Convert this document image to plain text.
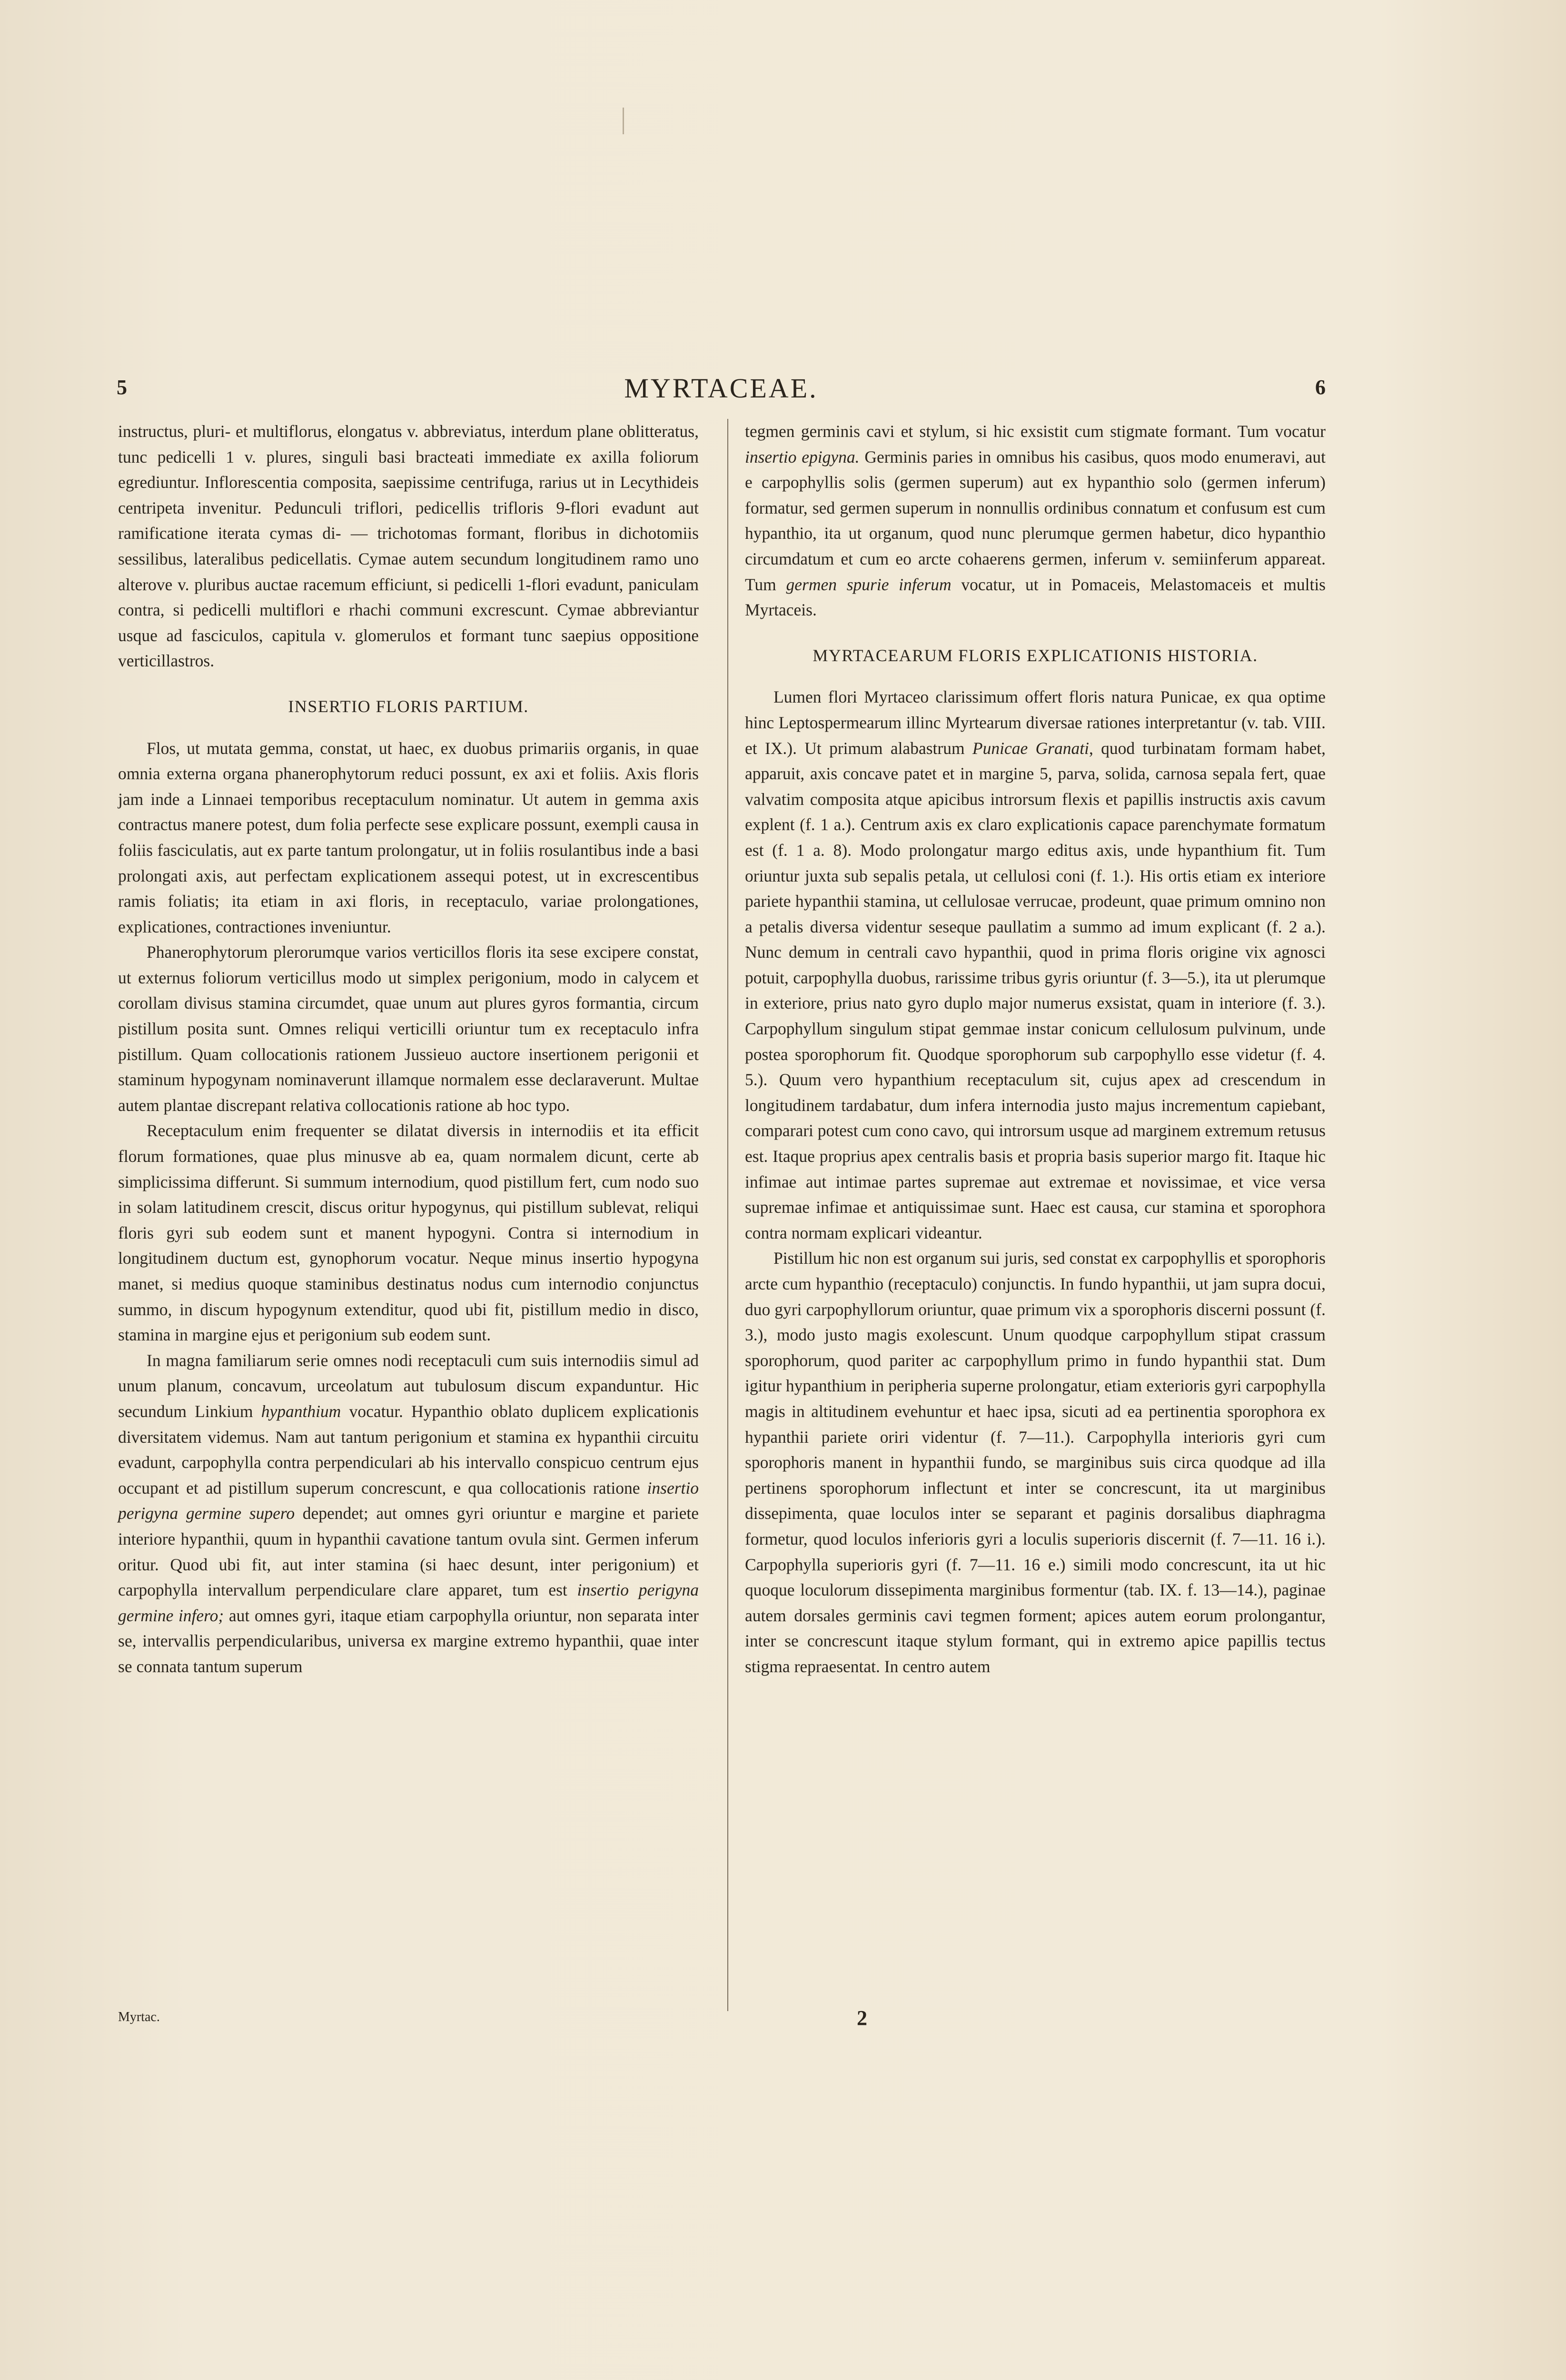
5	MYRTACEAE.	6

instructus, pluri- et multiflorus, elongatus v. abbreviatus, interdum plane oblitteratus, tunc pedicelli 1 v. plures, singuli basi bracteati immediate ex axilla foliorum egrediuntur. Inflorescentia composita, saepissime centrifuga, rarius ut in Lecythideis centripeta invenitur. Pedunculi triflori, pedicellis trifloris 9-flori evadunt aut ramificatione iterata cymas di- — trichotomas formant, floribus in dichotomiis sessilibus, lateralibus pedicellatis. Cymae autem secundum longitudinem ramo uno alterove v. pluribus auctae racemum efficiunt, si pedicelli 1-flori evadunt, paniculam contra, si pedicelli multiflori e rhachi communi excrescunt. Cymae abbreviantur usque ad fasciculos, capitula v. glomerulos et formant tunc saepius oppositione verticillastros.

INSERTIO FLORIS PARTIUM.

Flos, ut mutata gemma, constat, ut haec, ex duobus primariis organis, in quae omnia externa organa phanerophytorum reduci possunt, ex axi et foliis. Axis floris jam inde a Linnaei temporibus receptaculum nominatur. Ut autem in gemma axis contractus manere potest, dum folia perfecte sese explicare possunt, exempli causa in foliis fasciculatis, aut ex parte tantum prolongatur, ut in foliis rosulantibus inde a basi prolongati axis, aut perfectam explicationem assequi potest, ut in excrescentibus ramis foliatis; ita etiam in axi floris, in receptaculo, variae prolongationes, explicationes, contractiones inveniuntur.

Phanerophytorum plerorumque varios verticillos floris ita sese excipere constat, ut externus foliorum verticillus modo ut simplex perigonium, modo in calycem et corollam divisus stamina circumdet, quae unum aut plures gyros formantia, circum pistillum posita sunt. Omnes reliqui verticilli oriuntur tum ex receptaculo infra pistillum. Quam collocationis rationem Jussieuo auctore insertionem perigonii et staminum hypogynam nominaverunt illamque normalem esse declaraverunt. Multae autem plantae discrepant relativa collocationis ratione ab hoc typo.

Receptaculum enim frequenter se dilatat diversis in internodiis et ita efficit florum formationes, quae plus minusve ab ea, quam normalem dicunt, certe ab simplicissima differunt. Si summum internodium, quod pistillum fert, cum nodo suo in solam latitudinem crescit, discus oritur hypogynus, qui pistillum sublevat, reliqui floris gyri sub eodem sunt et manent hypogyni. Contra si internodium in longitudinem ductum est, gynophorum vocatur. Neque minus insertio hypogyna manet, si medius quoque staminibus destinatus nodus cum internodio conjunctus summo, in discum hypogynum extenditur, quod ubi fit, pistillum medio in disco, stamina in margine ejus et perigonium sub eodem sunt.

In magna familiarum serie omnes nodi receptaculi cum suis internodiis simul ad unum planum, concavum, urceolatum aut tubulosum discum expanduntur. Hic secundum Linkium hypanthium vocatur. Hypanthio oblato duplicem explicationis diversitatem videmus. Nam aut tantum perigonium et stamina ex hypanthii circuitu evadunt, carpophylla contra perpendiculari ab his intervallo conspicuo centrum ejus occupant et ad pistillum superum concrescunt, e qua collocationis ratione insertio perigyna germine supero dependet; aut omnes gyri oriuntur e margine et pariete interiore hypanthii, quum in hypanthii cavatione tantum ovula sint. Germen inferum oritur. Quod ubi fit, aut inter stamina (si haec desunt, inter perigonium) et carpophylla intervallum perpendiculare clare apparet, tum est insertio perigyna germine infero; aut omnes gyri, itaque etiam carpophylla oriuntur, non separata inter se, intervallis perpendicularibus, universa ex margine extremo hypanthii, quae inter se connata tantum superum

tegmen germinis cavi et stylum, si hic exsistit cum stigmate formant. Tum vocatur insertio epigyna. Germinis paries in omnibus his casibus, quos modo enumeravi, aut e carpophyllis solis (germen superum) aut ex hypanthio solo (germen inferum) formatur, sed germen superum in nonnullis ordinibus connatum et confusum est cum hypanthio, ita ut organum, quod nunc plerumque germen habetur, dico hypanthio circumdatum et cum eo arcte cohaerens germen, inferum v. semiinferum appareat. Tum germen spurie inferum vocatur, ut in Pomaceis, Melastomaceis et multis Myrtaceis.

MYRTACEARUM FLORIS EXPLICATIONIS HISTORIA.

Lumen flori Myrtaceo clarissimum offert floris natura Punicae, ex qua optime hinc Leptospermearum illinc Myrtearum diversae rationes interpretantur (v. tab. VIII. et IX.). Ut primum alabastrum Punicae Granati, quod turbinatam formam habet, apparuit, axis concave patet et in margine 5, parva, solida, carnosa sepala fert, quae valvatim composita atque apicibus introrsum flexis et papillis instructis axis cavum explent (f. 1 a.). Centrum axis ex claro explicationis capace parenchymate formatum est (f. 1 a. 8). Modo prolongatur margo editus axis, unde hypanthium fit. Tum oriuntur juxta sub sepalis petala, ut cellulosi coni (f. 1.). His ortis etiam ex interiore pariete hypanthii stamina, ut cellulosae verrucae, prodeunt, quae primum omnino non a petalis diversa videntur seseque paullatim a summo ad imum explicant (f. 2 a.). Nunc demum in centrali cavo hypanthii, quod in prima floris origine vix agnosci potuit, carpophylla duobus, rarissime tribus gyris oriuntur (f. 3—5.), ita ut plerumque in exteriore, prius nato gyro duplo major numerus exsistat, quam in interiore (f. 3.). Carpophyllum singulum stipat gemmae instar conicum cellulosum pulvinum, unde postea sporophorum fit. Quodque sporophorum sub carpophyllo esse videtur (f. 4. 5.). Quum vero hypanthium receptaculum sit, cujus apex ad crescendum in longitudinem tardabatur, dum infera internodia justo majus incrementum capiebant, comparari potest cum cono cavo, qui introrsum usque ad marginem extremum retusus est. Itaque proprius apex centralis basis et propria basis superior margo fit. Itaque hic infimae aut intimae partes supremae aut extremae et novissimae, et vice versa supremae infimae et antiquissimae sunt. Haec est causa, cur stamina et sporophora contra normam explicari videantur.

Pistillum hic non est organum sui juris, sed constat ex carpophyllis et sporophoris arcte cum hypanthio (receptaculo) conjunctis. In fundo hypanthii, ut jam supra docui, duo gyri carpophyllorum oriuntur, quae primum vix a sporophoris discerni possunt (f. 3.), modo justo magis exolescunt. Unum quodque carpophyllum stipat crassum sporophorum, quod pariter ac carpophyllum primo in fundo hypanthii stat. Dum igitur hypanthium in peripheria superne prolongatur, etiam exterioris gyri carpophylla magis in altitudinem evehuntur et haec ipsa, sicuti ad ea pertinentia sporophora ex hypanthii pariete oriri videntur (f. 7—11.). Carpophylla interioris gyri cum sporophoris manent in hypanthii fundo, se marginibus suis circa quodque ad illa pertinens sporophorum inflectunt et inter se concrescunt, ita ut marginibus dissepimenta, quae loculos inter se separant et paginis dorsalibus diaphragma formetur, quod loculos inferioris gyri a loculis superioris discernit (f. 7—11. 16 i.). Carpophylla superioris gyri (f. 7—11. 16 e.) simili modo concrescunt, ita ut hic quoque loculorum dissepimenta marginibus formentur (tab. IX. f. 13—14.), paginae autem dorsales germinis cavi tegmen forment; apices autem eorum prolongantur, inter se concrescunt itaque stylum formant, qui in extremo apice papillis tectus stigma repraesentat. In centro autem

Myrtac.	2
